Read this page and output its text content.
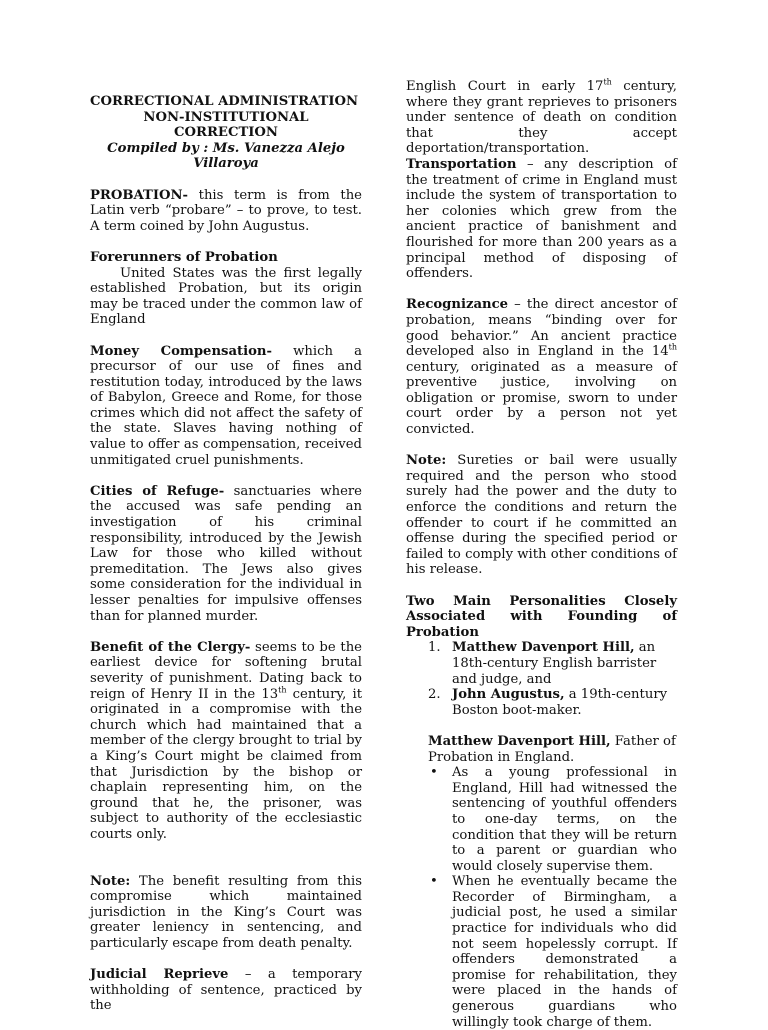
CORRECTIONAL ADMINISTRATION

NON-INSTITUTIONAL CORRECTION

Compiled by : Ms. Vanezza Alejo

Villaroya

PROBATION- this term is from the Latin verb “probare” – to prove, to test. A term coined by John Augustus.

Forerunners of Probation

United States was the first legally established Probation, but its origin may be traced under the common law of England

Money Compensation- which a precursor of our use of fines and restitution today, introduced by the laws of Babylon, Greece and Rome, for those crimes which did not affect the safety of the state. Slaves having nothing of value to offer as compensation, received unmitigated cruel punishments.

Cities of Refuge- sanctuaries where the accused was safe pending an investigation of his criminal responsibility, introduced by the Jewish Law for those who killed without premeditation. The Jews also gives some consideration for the individual in lesser penalties for impulsive offenses than for planned murder.

Benefit of the Clergy- seems to be the earliest device for softening brutal severity of punishment. Dating back to reign of Henry II in the 13th century, it originated in a compromise with the church which had maintained that a member of the clergy brought to trial by a King’s Court might be claimed from that Jurisdiction by the bishop or chaplain representing him, on the ground that he, the prisoner, was subject to authority of the ecclesiastic courts only.

Note: The benefit resulting from this compromise which maintained jurisdiction in the King’s Court was greater leniency in sentencing, and particularly escape from death penalty.

Judicial Reprieve – a temporary withholding of sentence, practiced by the

English Court in early 17th century, where they grant reprieves to prisoners under sentence of death on condition that they accept deportation/transportation.

Transportation – any description of the treatment of crime in England must include the system of transportation to her colonies which grew from the ancient practice of banishment and flourished for more than 200 years as a principal method of disposing of offenders.

Recognizance – the direct ancestor of probation, means “binding over for good behavior.” An ancient practice developed also in England in the 14th century, originated as a measure of preventive justice, involving on obligation or promise, sworn to under court order by a person not yet convicted.

Note: Sureties or bail were usually required and the person who stood surely had the power and the duty to enforce the conditions and return the offender to court if he committed an offense during the specified period or failed to comply with other conditions of his release.

Two Main Personalities Closely Associated with Founding of Probation

1. Matthew Davenport Hill, an 18th-century English barrister and judge, and
2. John Augustus, a 19th-century Boston boot-maker.

Matthew Davenport Hill, Father of Probation in England.

• As a young professional in England, Hill had witnessed the sentencing of youthful offenders to one-day terms, on the condition that they will be return to a parent or guardian who would closely supervise them.
• When he eventually became the Recorder of Birmingham, a judicial post, he used a similar practice for individuals who did not seem hopelessly corrupt. If offenders demonstrated a promise for rehabilitation, they were placed in the hands of generous guardians who willingly took charge of them.
